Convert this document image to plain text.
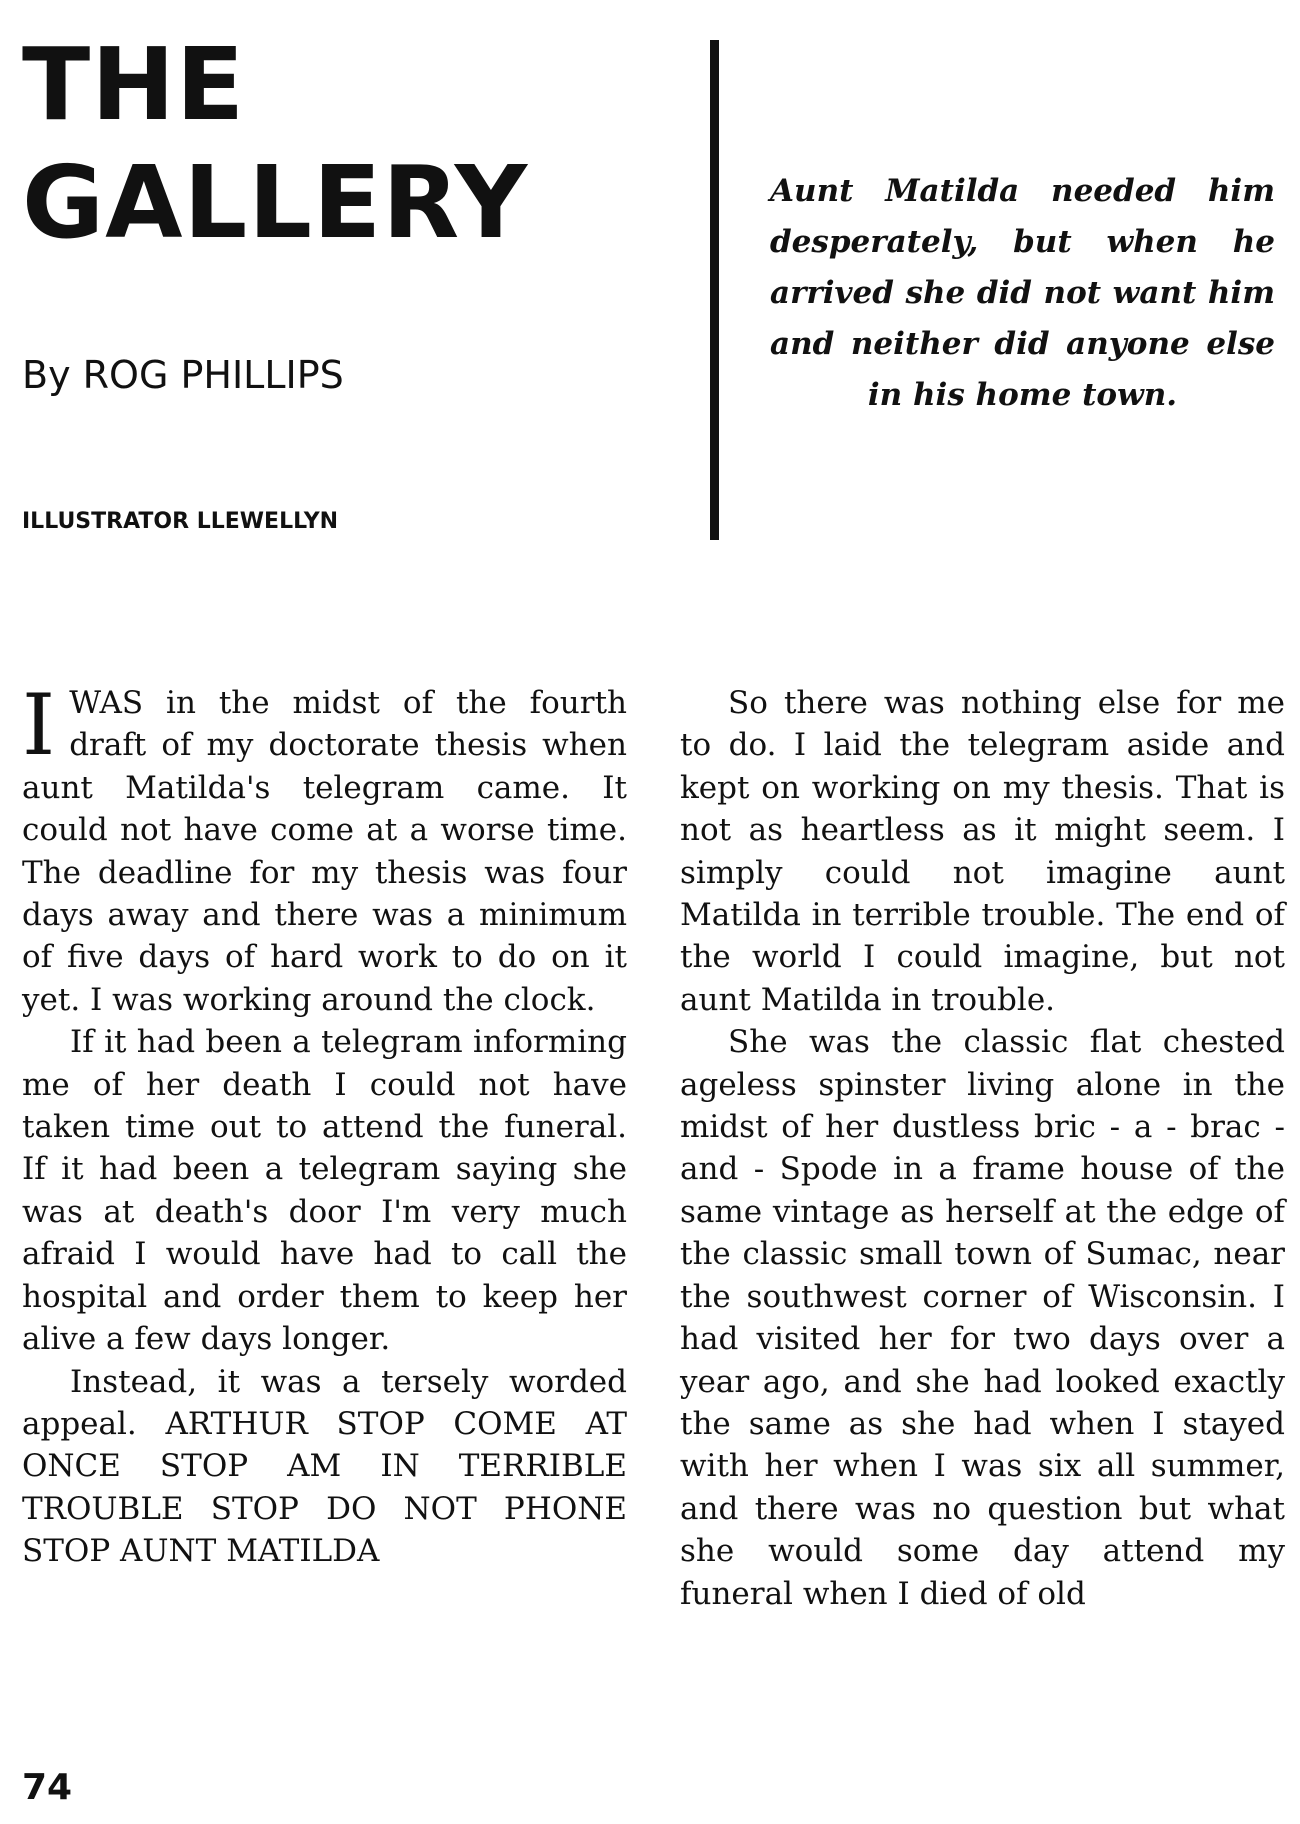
THE
GALLERY

By ROG PHILLIPS

ILLUSTRATOR LLEWELLYN

Aunt Matilda needed him desperately, but when he arrived she did not want him and neither did anyone else in his home town.

IWAS in the midst of the fourth draft of my doctorate thesis when aunt Matilda's telegram came. It could not have come at a worse time. The deadline for my thesis was four days away and there was a minimum of five days of hard work to do on it yet. I was working around the clock.

If it had been a telegram informing me of her death I could not have taken time out to attend the funeral. If it had been a telegram saying she was at death's door I'm very much afraid I would have had to call the hospital and order them to keep her alive a few days longer.

Instead, it was a tersely worded appeal. ARTHUR STOP COME AT ONCE STOP AM IN TERRIBLE TROUBLE STOP DO NOT PHONE STOP AUNT MATILDA

So there was nothing else for me to do. I laid the telegram aside and kept on working on my thesis. That is not as heartless as it might seem. I simply could not imagine aunt Matilda in terrible trouble. The end of the world I could imagine, but not aunt Matilda in trouble.

She was the classic flat chested ageless spinster living alone in the midst of her dustless bric - a - brac - and - Spode in a frame house of the same vintage as herself at the edge of the classic small town of Sumac, near the southwest corner of Wisconsin. I had visited her for two days over a year ago, and she had looked exactly the same as she had when I stayed with her when I was six all summer, and there was no question but what she would some day attend my funeral when I died of old

74
